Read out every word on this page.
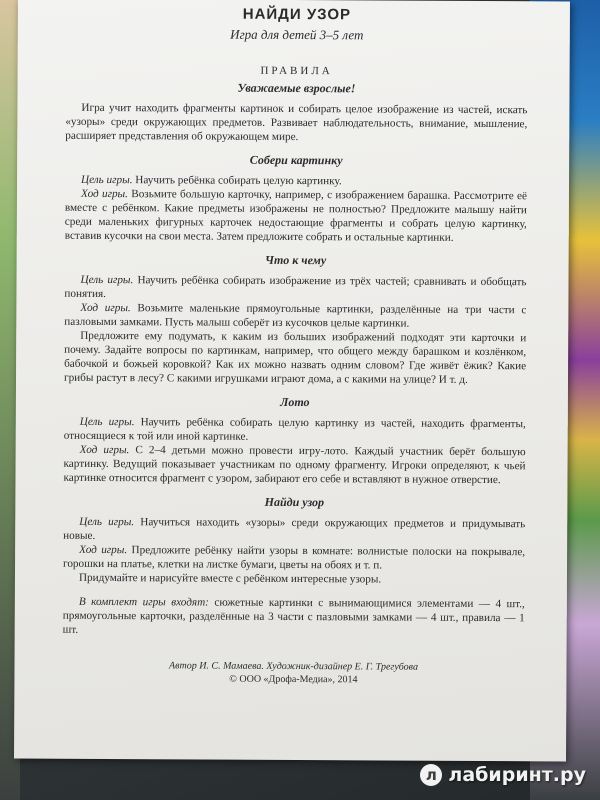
НАЙДИ УЗОР
Игра для детей 3–5 лет
ПРАВИЛА
Уважаемые взрослые!

Игра учит находить фрагменты картинок и собирать целое изображение из частей, искать «узоры» среди окружающих предметов. Развивает наблюдательность, внимание, мышление, расширяет представления об окружающем мире.

Собери картинку

Цель игры. Научить ребёнка собирать целую картинку.

Ход игры. Возьмите большую карточку, например, с изображением барашка. Рассмотрите её вместе с ребёнком. Какие предметы изображены не полностью? Предложите малышу найти среди маленьких фигурных карточек недостающие фрагменты и собрать целую картинку, вставив кусочки на свои места. Затем предложите собрать и остальные картинки.

Что к чему

Цель игры. Научить ребёнка собирать изображение из трёх частей; сравнивать и обобщать понятия.

Ход игры. Возьмите маленькие прямоугольные картинки, разделённые на три части с пазловыми замками. Пусть малыш соберёт из кусочков целые картинки.

Предложите ему подумать, к каким из больших изображений подходят эти карточки и почему. Задайте вопросы по картинкам, например, что общего между барашком и козлёнком, бабочкой и божьей коровкой? Как их можно назвать одним словом? Где живёт ёжик? Какие грибы растут в лесу? С какими игрушками играют дома, а с какими на улице? И т. д.

Лото

Цель игры. Научить ребёнка собирать целую картинку из частей, находить фрагменты, относящиеся к той или иной картинке.

Ход игры. С 2–4 детьми можно провести игру-лото. Каждый участник берёт большую картинку. Ведущий показывает участникам по одному фрагменту. Игроки определяют, к чьей картинке относится фрагмент с узором, забирают его себе и вставляют в нужное отверстие.

Найди узор

Цель игры. Научиться находить «узоры» среди окружающих предметов и придумывать новые.

Ход игры. Предложите ребёнку найти узоры в комнате: волнистые полоски на покрывале, горошки на платье, клетки на листке бумаги, цветы на обоях и т. п.

Придумайте и нарисуйте вместе с ребёнком интересные узоры.

В комплект игры входят: сюжетные картинки с вынимающимися элементами — 4 шт., прямоугольные карточки, разделённые на 3 части с пазловыми замками — 4 шт., правила — 1 шт.

Автор И. С. Мамаева. Художник-дизайнер Е. Г. Трегубова
© ООО «Дрофа-Медиа», 2014
л лабиринт.ру
